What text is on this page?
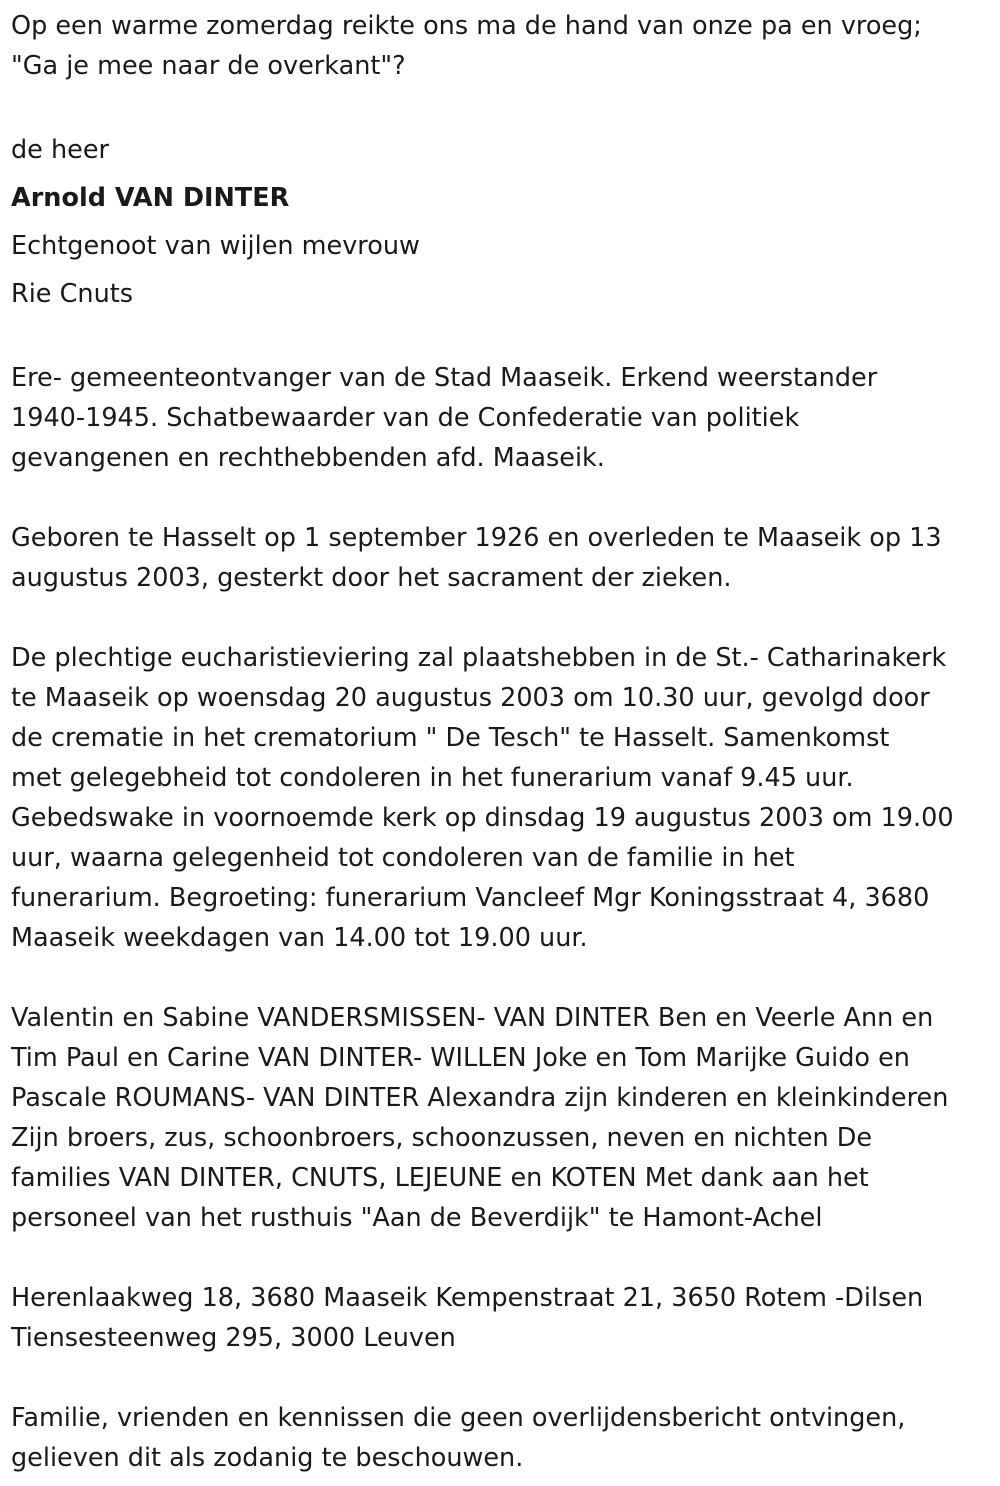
Op een warme zomerdag reikte ons ma de hand van onze pa en vroeg;
"Ga je mee naar de overkant"?

de heer

Arnold VAN DINTER

Echtgenoot van wijlen mevrouw

Rie Cnuts

Ere- gemeenteontvanger van de Stad Maaseik. Erkend weerstander
1940-1945. Schatbewaarder van de Confederatie van politiek
gevangenen en rechthebbenden afd. Maaseik.

Geboren te Hasselt op 1 september 1926 en overleden te Maaseik op 13
augustus 2003, gesterkt door het sacrament der zieken.

De plechtige eucharistieviering zal plaatshebben in de St.- Catharinakerk
te Maaseik op woensdag 20 augustus 2003 om 10.30 uur, gevolgd door
de crematie in het crematorium " De Tesch" te Hasselt. Samenkomst
met gelegebheid tot condoleren in het funerarium vanaf 9.45 uur.
Gebedswake in voornoemde kerk op dinsdag 19 augustus 2003 om 19.00
uur, waarna gelegenheid tot condoleren van de familie in het
funerarium. Begroeting: funerarium Vancleef Mgr Koningsstraat 4, 3680
Maaseik weekdagen van 14.00 tot 19.00 uur.

Valentin en Sabine VANDERSMISSEN- VAN DINTER Ben en Veerle Ann en
Tim Paul en Carine VAN DINTER- WILLEN Joke en Tom Marijke Guido en
Pascale ROUMANS- VAN DINTER Alexandra zijn kinderen en kleinkinderen
Zijn broers, zus, schoonbroers, schoonzussen, neven en nichten De
families VAN DINTER, CNUTS, LEJEUNE en KOTEN Met dank aan het
personeel van het rusthuis "Aan de Beverdijk" te Hamont-Achel

Herenlaakweg 18, 3680 Maaseik Kempenstraat 21, 3650 Rotem -Dilsen
Tiensesteenweg 295, 3000 Leuven

Familie, vrienden en kennissen die geen overlijdensbericht ontvingen,
gelieven dit als zodanig te beschouwen.
